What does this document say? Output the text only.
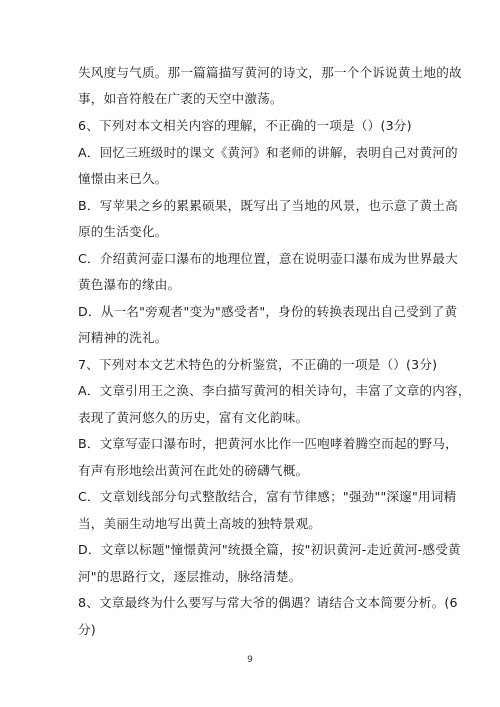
失风度与气质。那一篇篇描写黄河的诗文，那一个个诉说黄土地的故
事，如音符般在广袤的天空中激荡。
6、下列对本文相关内容的理解，不正确的一项是（）(3分)
A．回忆三班级时的课文《黄河》和老师的讲解，表明自己对黄河的
憧憬由来已久。
B．写苹果之乡的累累硕果，既写出了当地的风景，也示意了黄土高
原的生活变化。
C．介绍黄河壶口瀑布的地理位置，意在说明壶口瀑布成为世界最大
黄色瀑布的缘由。
D．从一名"旁观者"变为"感受者"，身份的转换表现出自己受到了黄
河精神的洗礼。
7、下列对本文艺术特色的分析鉴赏，不正确的一项是（）(3分)
A．文章引用王之涣、李白描写黄河的相关诗句，丰富了文章的内容，
表现了黄河悠久的历史，富有文化韵味。
B．文章写壶口瀑布时，把黄河水比作一匹咆哮着腾空而起的野马，
有声有形地绘出黄河在此处的磅礴气概。
C．文章划线部分句式整散结合，富有节律感；"强劲""深邃"用词精
当，美丽生动地写出黄土高坡的独特景观。
D．文章以标题"憧憬黄河"统摄全篇，按"初识黄河-走近黄河-感受黄
河"的思路行文，逐层推动，脉络清楚。
8、文章最终为什么要写与常大爷的偶遇？请结合文本简要分析。(6
分)
9
